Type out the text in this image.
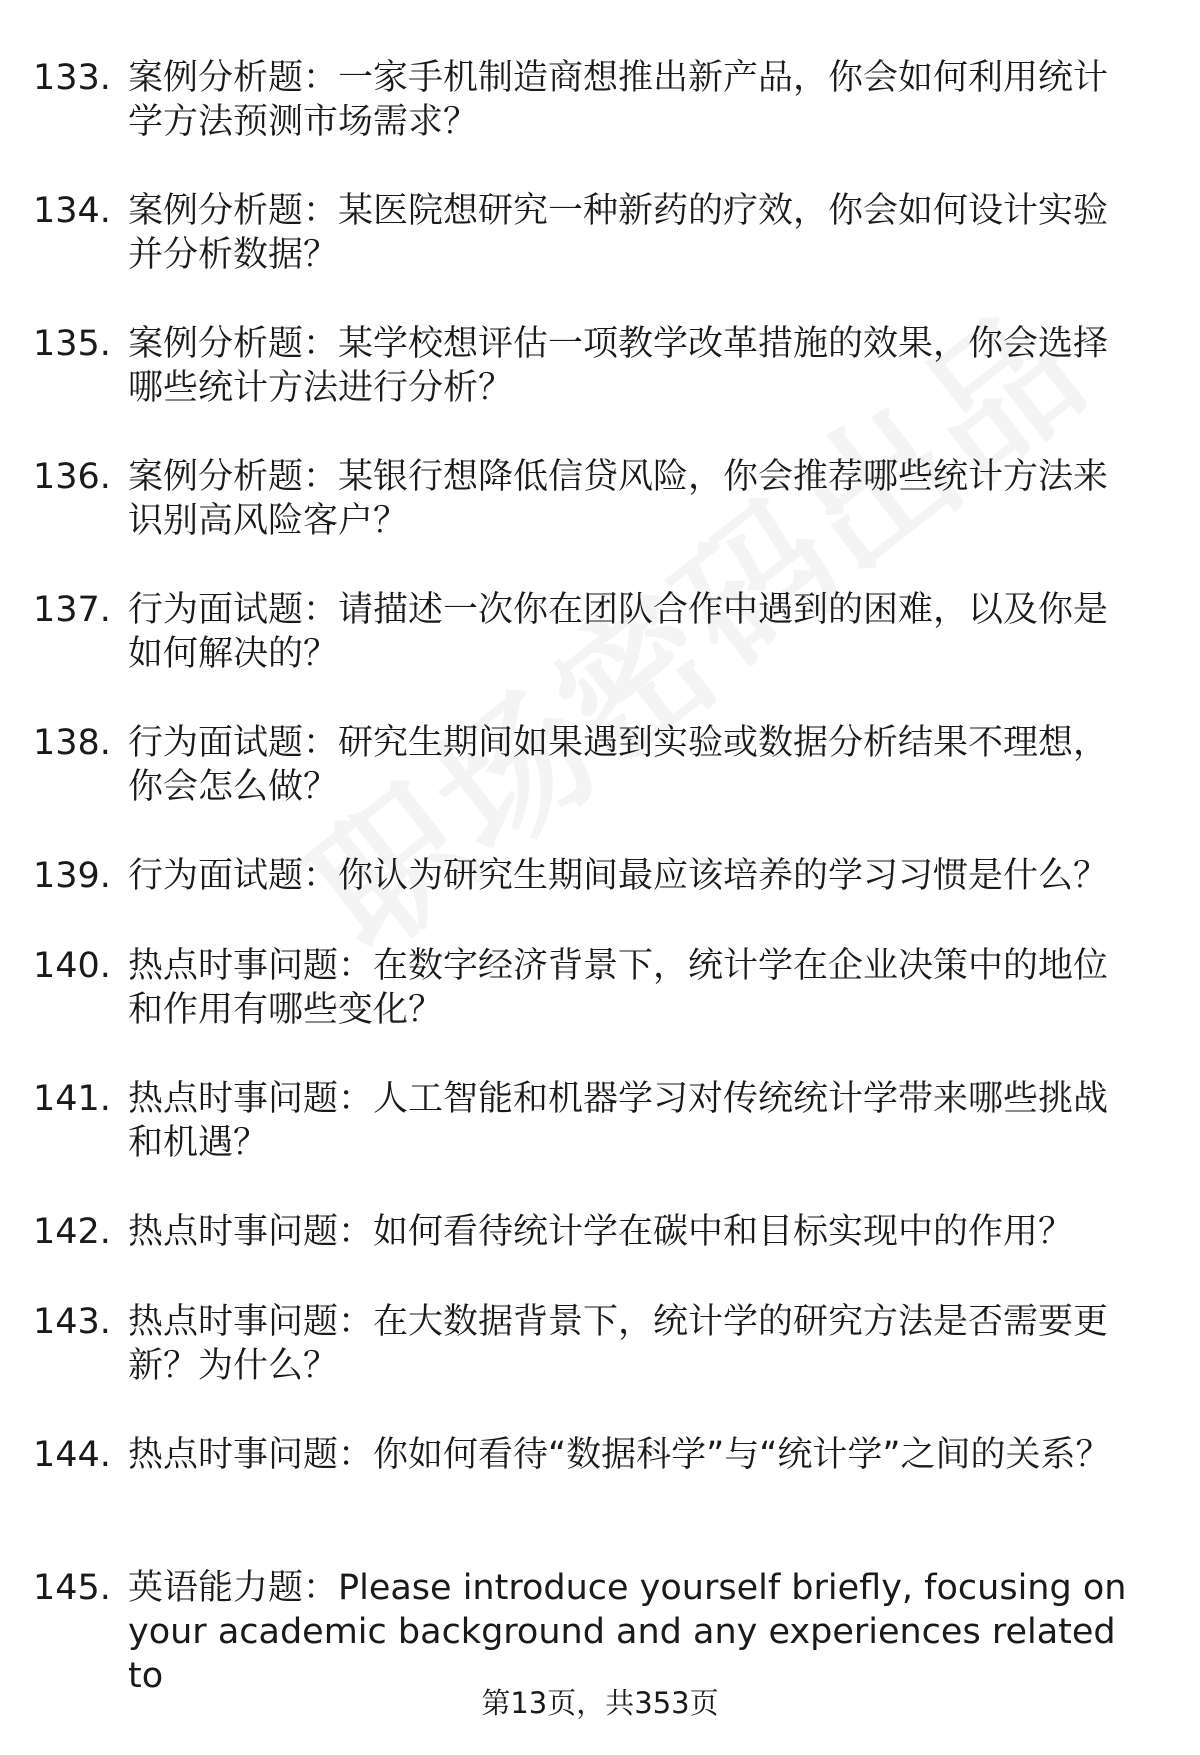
133. 案例分析题：一家手机制造商想推出新产品，你会如何利用统计学方法预测市场需求？
134. 案例分析题：某医院想研究一种新药的疗效，你会如何设计实验并分析数据？
135. 案例分析题：某学校想评估一项教学改革措施的效果，你会选择哪些统计方法进行分析？
136. 案例分析题：某银行想降低信贷风险，你会推荐哪些统计方法来识别高风险客户？
137. 行为面试题：请描述一次你在团队合作中遇到的困难，以及你是如何解决的？
138. 行为面试题：研究生期间如果遇到实验或数据分析结果不理想，你会怎么做？
139. 行为面试题：你认为研究生期间最应该培养的学习习惯是什么？
140. 热点时事问题：在数字经济背景下，统计学在企业决策中的地位和作用有哪些变化？
141. 热点时事问题：人工智能和机器学习对传统统计学带来哪些挑战和机遇？
142. 热点时事问题：如何看待统计学在碳中和目标实现中的作用？
143. 热点时事问题：在大数据背景下，统计学的研究方法是否需要更新？为什么？
144. 热点时事问题：你如何看待“数据科学”与“统计学”之间的关系？
145. 英语能力题：Please introduce yourself briefly, focusing on your academic background and any experiences related to
第13页，共353页
